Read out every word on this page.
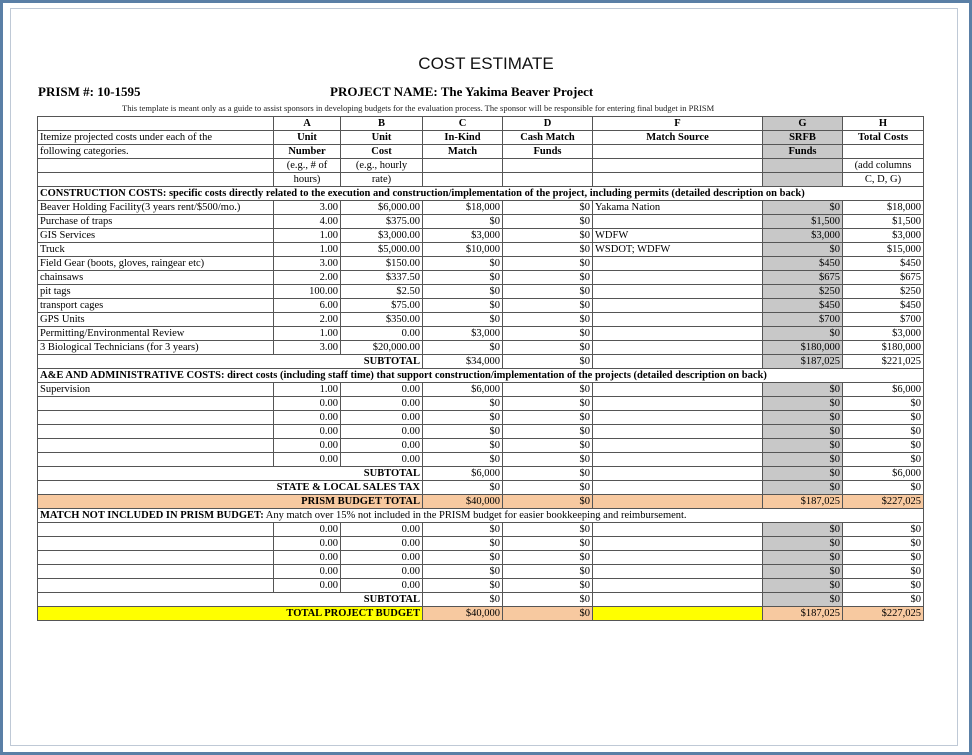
COST ESTIMATE
PRISM #: 10-1595	PROJECT NAME: The Yakima Beaver Project
This template is meant only as a guide to assist sponsors in developing budgets for the evaluation process. The sponsor will be responsible for entering final budget in PRISM
	A	B	C	D	F	G	H
Itemize projected costs under each of the	Unit	Unit	In-Kind	Cash Match	Match Source	SRFB	Total Costs
following categories.	Number	Cost	Match	Funds		Funds	
	(e.g., # of	(e.g., hourly					(add columns
	hours)	rate)					C, D, G)
CONSTRUCTION COSTS: specific costs directly related to the execution and construction/implementation of the project, including permits (detailed description on back)							
Beaver Holding Facility(3 years rent/$500/mo.)	3.00	$6,000.00	$18,000	$0	Yakama Nation	$0	$18,000
Purchase of traps	4.00	$375.00	$0	$0		$1,500	$1,500
GIS Services	1.00	$3,000.00	$3,000	$0	WDFW	$3,000	$3,000
Truck	1.00	$5,000.00	$10,000	$0	WSDOT; WDFW	$0	$15,000
Field Gear (boots, gloves, raingear etc)	3.00	$150.00	$0	$0		$450	$450
chainsaws	2.00	$337.50	$0	$0		$675	$675
pit tags	100.00	$2.50	$0	$0		$250	$250
transport cages	6.00	$75.00	$0	$0		$450	$450
GPS Units	2.00	$350.00	$0	$0		$700	$700
Permitting/Environmental Review	1.00	0.00	$3,000	$0		$0	$3,000
3 Biological Technicians (for 3 years)	3.00	$20,000.00	$0	$0		$180,000	$180,000
SUBTOTAL			$34,000	$0		$187,025	$221,025
A&E AND ADMINISTRATIVE COSTS: direct costs (including staff time) that support construction/implementation of the projects (detailed description on back)							
Supervision	1.00	0.00	$6,000	$0		$0	$6,000
	0.00	0.00	$0	$0		$0	$0
	0.00	0.00	$0	$0		$0	$0
	0.00	0.00	$0	$0		$0	$0
	0.00	0.00	$0	$0		$0	$0
	0.00	0.00	$0	$0		$0	$0
SUBTOTAL			$6,000	$0		$0	$6,000
STATE & LOCAL SALES TAX			$0	$0		$0	$0
PRISM BUDGET TOTAL			$40,000	$0		$187,025	$227,025
MATCH NOT INCLUDED IN PRISM BUDGET: Any match over 15% not included in the PRISM budget for easier bookkeeping and reimbursement.							
	0.00	0.00	$0	$0		$0	$0
	0.00	0.00	$0	$0		$0	$0
	0.00	0.00	$0	$0		$0	$0
	0.00	0.00	$0	$0		$0	$0
	0.00	0.00	$0	$0		$0	$0
SUBTOTAL			$0	$0		$0	$0
TOTAL PROJECT BUDGET			$40,000	$0		$187,025	$227,025
